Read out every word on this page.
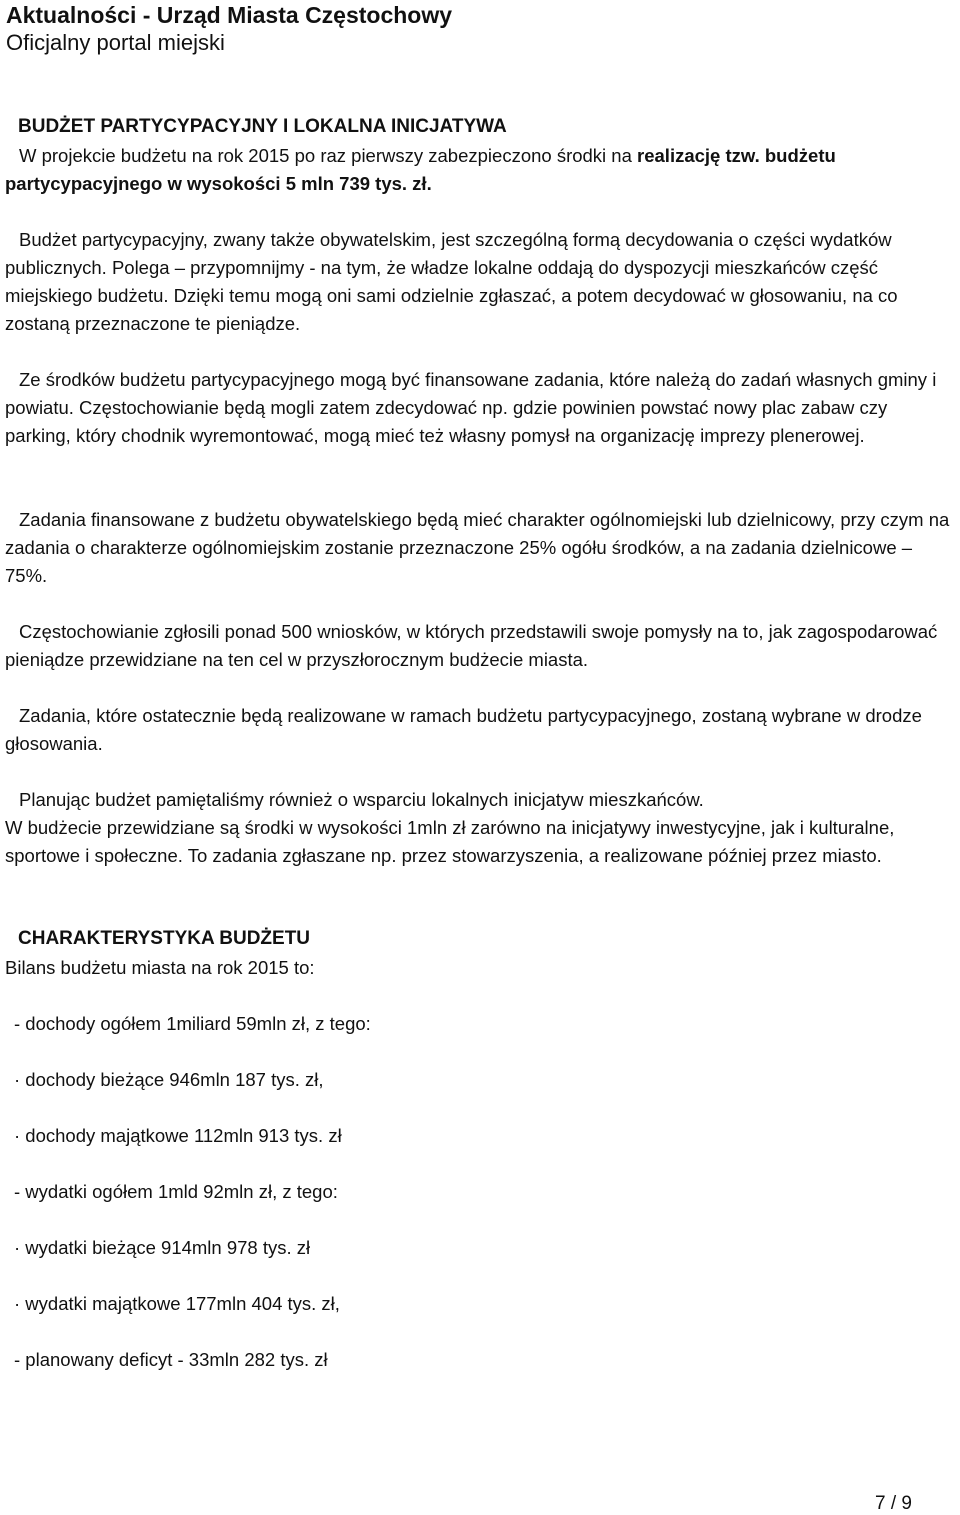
Aktualności - Urząd Miasta Częstochowy
Oficjalny portal miejski
BUDŻET PARTYCYPACYJNY I LOKALNA INICJATYWA
W projekcie budżetu na rok 2015 po raz pierwszy zabezpieczono środki na realizację tzw. budżetu partycypacyjnego w wysokości 5 mln 739 tys. zł.
Budżet partycypacyjny, zwany także obywatelskim, jest szczególną formą decydowania o części wydatków publicznych. Polega – przypomnijmy - na tym, że władze lokalne oddają do dyspozycji mieszkańców część miejskiego budżetu. Dzięki temu mogą oni sami odzielnie zgłaszać, a potem decydować w głosowaniu, na co zostaną przeznaczone te pieniądze.
Ze środków budżetu partycypacyjnego mogą być finansowane zadania, które należą do zadań własnych gminy i powiatu. Częstochowianie będą mogli zatem zdecydować np. gdzie powinien powstać nowy plac zabaw czy parking, który chodnik wyremontować, mogą mieć też własny pomysł na organizację imprezy plenerowej.
Zadania finansowane z budżetu obywatelskiego będą mieć charakter ogólnomiejski lub dzielnicowy, przy czym na zadania o charakterze ogólnomiejskim zostanie przeznaczone 25% ogółu środków, a na zadania dzielnicowe – 75%.
Częstochowianie zgłosili ponad 500 wniosków, w których przedstawili swoje pomysły na to, jak zagospodarować pieniądze przewidziane na ten cel w przyszłorocznym budżecie miasta.
Zadania, które ostatecznie będą realizowane w ramach budżetu partycypacyjnego, zostaną wybrane w drodze głosowania.
Planując budżet pamiętaliśmy również o wsparciu lokalnych inicjatyw mieszkańców.
W budżecie przewidziane są środki w wysokości 1mln zł zarówno na inicjatywy inwestycyjne, jak i kulturalne, sportowe i społeczne. To zadania zgłaszane np. przez stowarzyszenia, a realizowane później przez miasto.
CHARAKTERYSTYKA BUDŻETU
Bilans budżetu miasta na rok 2015 to:
- dochody ogółem 1miliard 59mln zł, z tego:
· dochody bieżące 946mln 187 tys. zł,
· dochody majątkowe 112mln 913 tys. zł
- wydatki ogółem 1mld 92mln zł, z tego:
· wydatki bieżące 914mln 978 tys. zł
· wydatki majątkowe 177mln 404 tys. zł,
- planowany deficyt - 33mln 282 tys. zł
7 / 9
